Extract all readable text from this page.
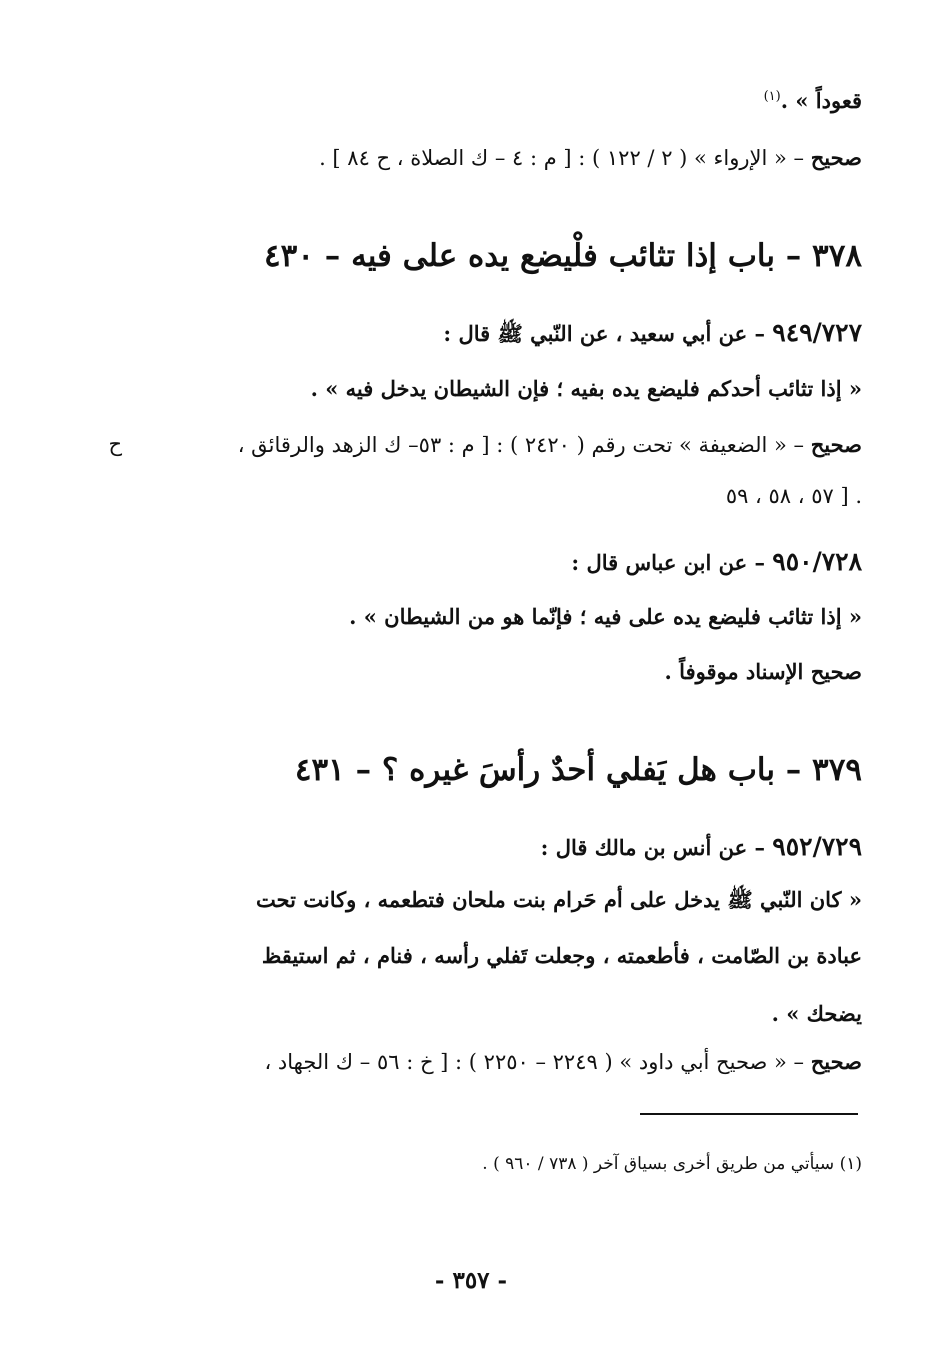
قعوداً » .$^{(١)}$
صحيح – « الإرواء » ( ٢ / ١٢٢ ) : [ م : ٤ – ك الصلاة ، ح ٨٤ ] .
٣٧٨ – باب إذا تثائب فلْيضع يده على فيه – ٤٣٠
٩٤٩/٧٢٧ – عن أبي سعيد ، عن النّبي ﷺ قال :
« إذا تثائب أحدكم فليضع يده بفيه ؛ فإن الشيطان يدخل فيه » .
صحيح – « الضعيفة » تحت رقم ( ٢٤٢٠ ) : [ م : ٥٣– ك الزهد والرقائق ،
ح
٥٧ ، ٥٨ ، ٥٩ ] .
٩٥٠/٧٢٨ – عن ابن عباس قال :
« إذا تثائب فليضع يده على فيه ؛ فإنّما هو من الشيطان » .
صحيح الإسناد موقوفاً .
٣٧٩ – باب هل يَفلي أحدٌ رأسَ غيره ؟ – ٤٣١
٩٥٢/٧٢٩ – عن أنس بن مالك قال :
« كان النّبي ﷺ يدخل على أم حَرام بنت ملحان فتطعمه ، وكانت تحت
عبادة بن الصّامت ، فأطعمته ، وجعلت تَفلي رأسه ، فنام ، ثم استيقظ
يضحك » .
صحيح – « صحيح أبي داود » ( ٢٢٤٩ – ٢٢٥٠ ) : [ خ : ٥٦ – ك الجهاد ،
(١) سيأتي من طريق أخرى بسياق آخر ( ٧٣٨ / ٩٦٠ ) .
- ٣٥٧ -
